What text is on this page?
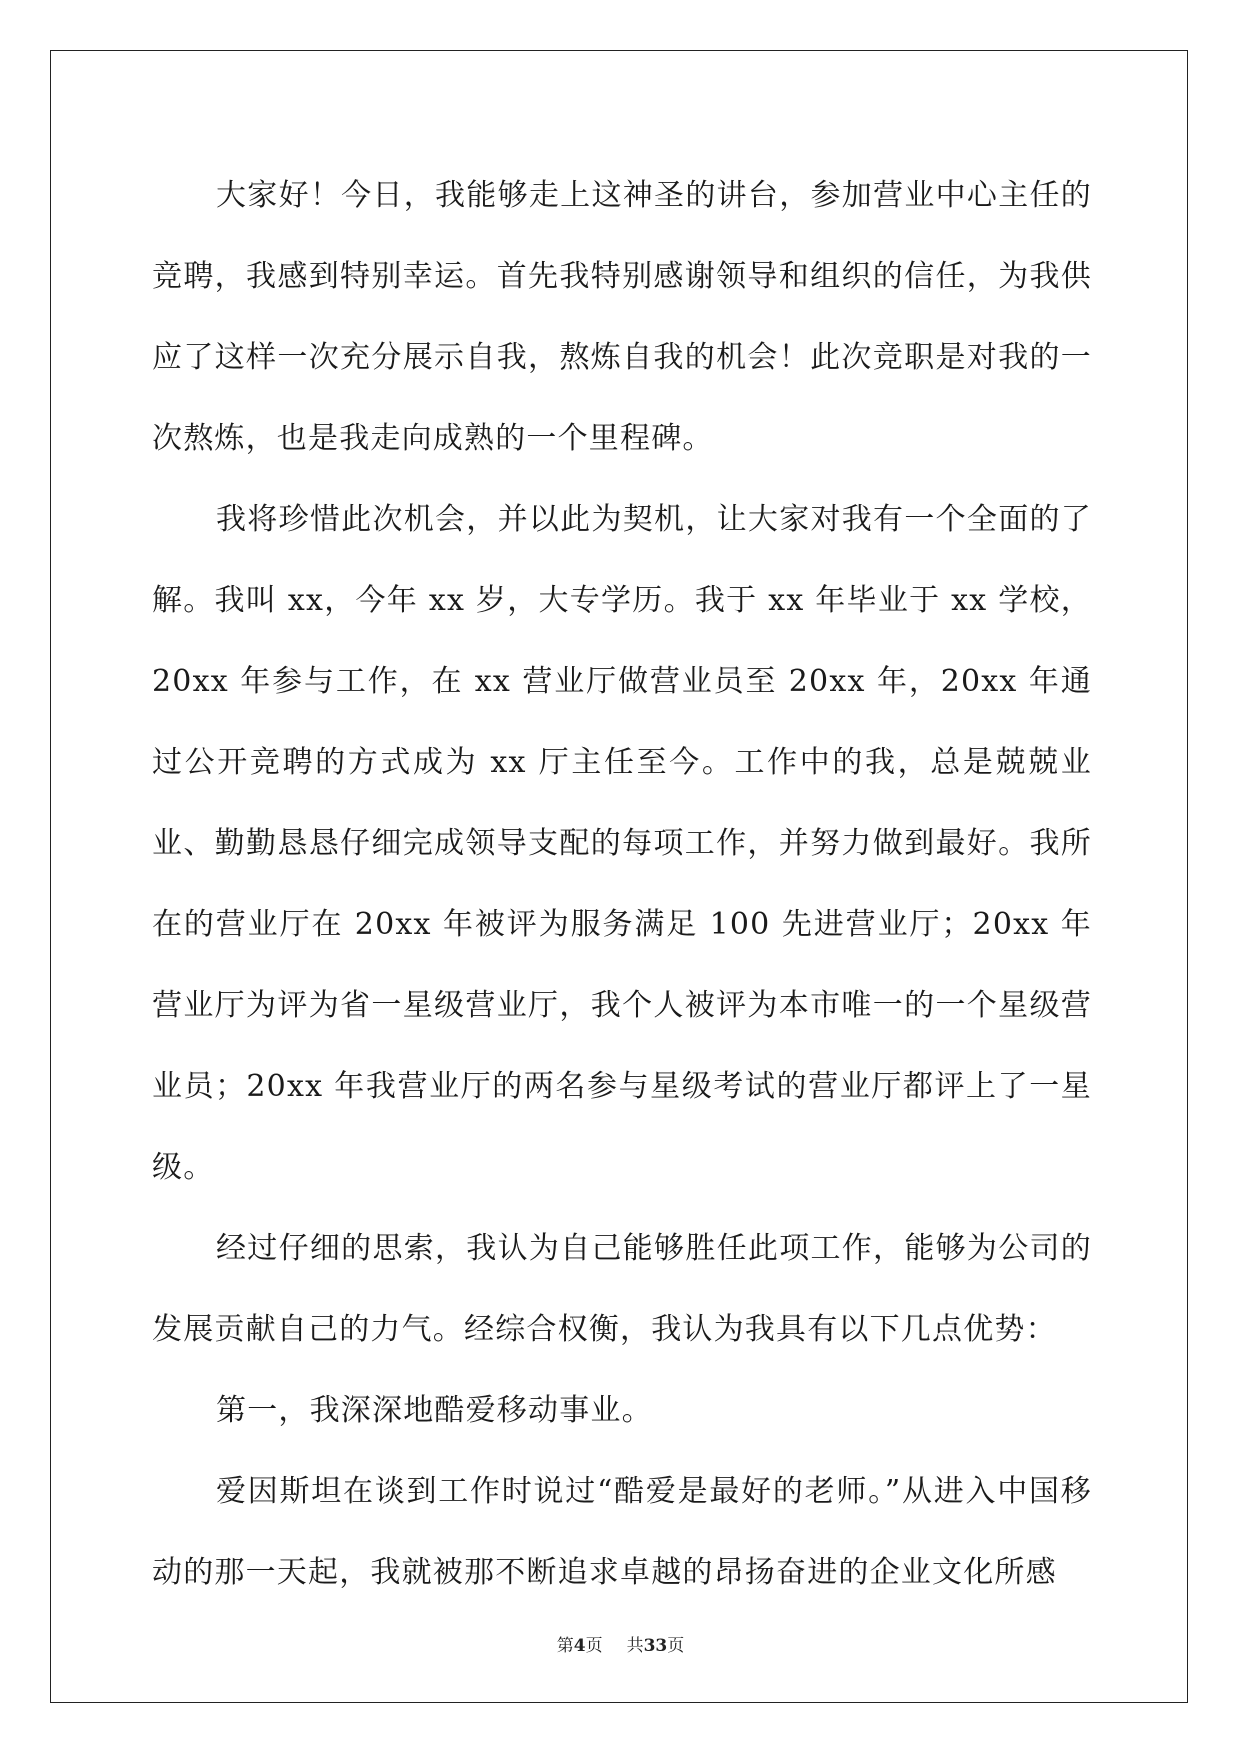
大家好！今日，我能够走上这神圣的讲台，参加营业中心主任的竞聘，我感到特别幸运。首先我特别感谢领导和组织的信任，为我供应了这样一次充分展示自我，熬炼自我的机会！此次竞职是对我的一次熬炼，也是我走向成熟的一个里程碑。

我将珍惜此次机会，并以此为契机，让大家对我有一个全面的了解。我叫 xx，今年 xx 岁，大专学历。我于 xx 年毕业于 xx 学校，20xx 年参与工作，在 xx 营业厅做营业员至 20xx 年，20xx 年通过公开竞聘的方式成为 xx 厅主任至今。工作中的我，总是兢兢业业、勤勤恳恳仔细完成领导支配的每项工作，并努力做到最好。我所在的营业厅在 20xx 年被评为服务满足 100 先进营业厅；20xx 年营业厅为评为省一星级营业厅，我个人被评为本市唯一的一个星级营业员；20xx 年我营业厅的两名参与星级考试的营业厅都评上了一星级。

经过仔细的思索，我认为自己能够胜任此项工作，能够为公司的发展贡献自己的力气。经综合权衡，我认为我具有以下几点优势：

第一，我深深地酷爱移动事业。

爱因斯坦在谈到工作时说过“酷爱是最好的老师。”从进入中国移动的那一天起，我就被那不断追求卓越的昂扬奋进的企业文化所感

第4页 共33页
